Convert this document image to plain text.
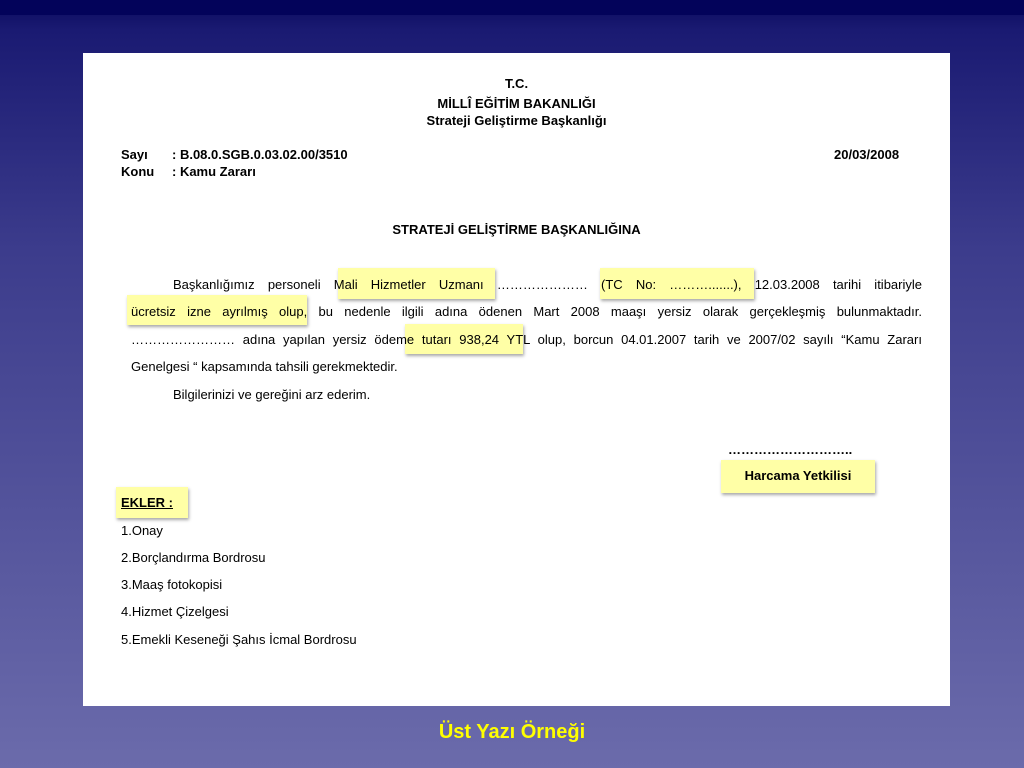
T.C.
MİLLÎ EĞİTİM BAKANLIĞI
Strateji Geliştirme Başkanlığı
Sayı : B.08.0.SGB.0.03.02.00/3510	20/03/2008
Konu : Kamu Zararı
STRATEJİ GELİŞTİRME BAŞKANLIĞINA
Başkanlığımız personeli Mali Hizmetler Uzmanı ………………… (TC No: ……….......), 12.03.2008 tarihi itibariyle
ücretsiz izne ayrılmış olup, bu nedenle ilgili adına ödenen Mart 2008 maaşı yersiz olarak gerçekleşmiş bulunmaktadır.
…………………… adına yapılan yersiz ödeme tutarı 938,24 YTL olup, borcun 04.01.2007 tarih ve 2007/02 sayılı “Kamu Zararı
Genelgesi “ kapsamında tahsili gerekmektedir.
Bilgilerinizi ve gereğini arz ederim.
………………………..
Harcama Yetkilisi
EKLER :
1.Onay
2.Borçlandırma Bordrosu
3.Maaş fotokopisi
4.Hizmet Çizelgesi
5.Emekli Keseneği Şahıs İcmal Bordrosu
Üst Yazı Örneği
